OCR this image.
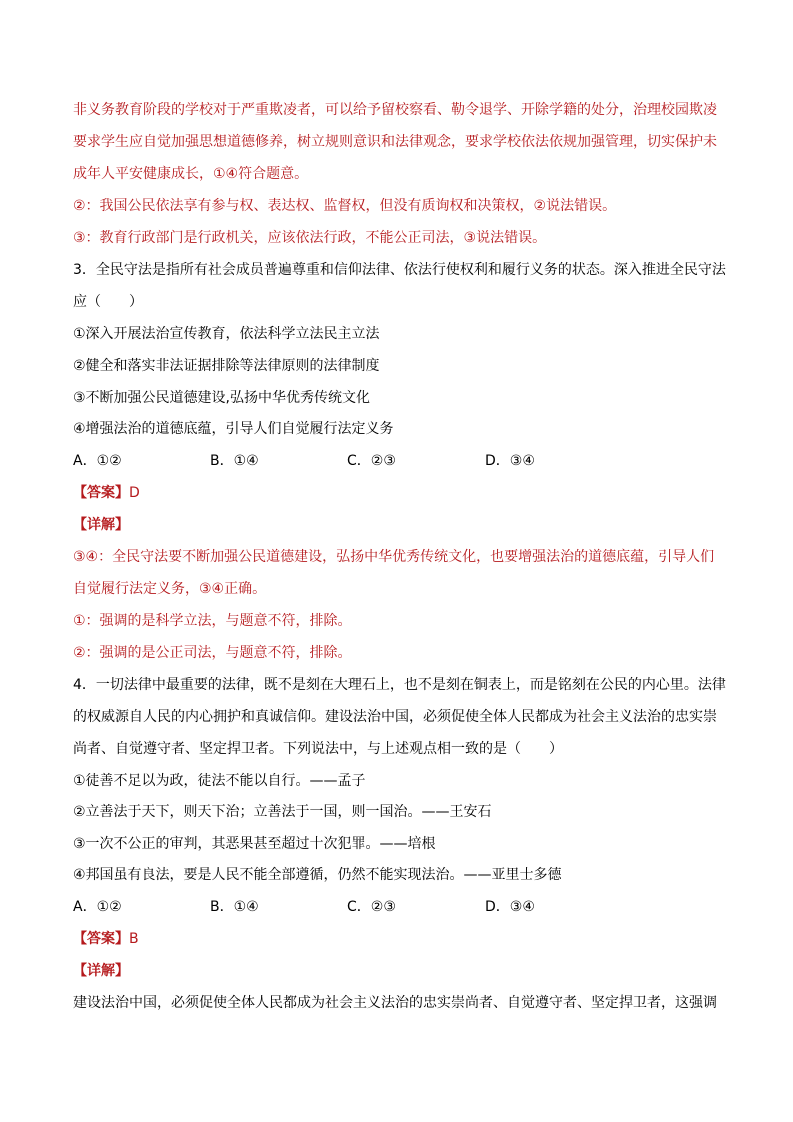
非义务教育阶段的学校对于严重欺凌者，可以给予留校察看、勒令退学、开除学籍的处分，治理校园欺凌
要求学生应自觉加强思想道德修养，树立规则意识和法律观念，要求学校依法依规加强管理，切实保护未
成年人平安健康成长，①④符合题意。
②：我国公民依法享有参与权、表达权、监督权，但没有质询权和决策权，②说法错误。
③：教育行政部门是行政机关，应该依法行政，不能公正司法，③说法错误。
3．全民守法是指所有社会成员普遍尊重和信仰法律、依法行使权利和履行义务的状态。深入推进全民守法
应（　　）
①深入开展法治宣传教育，依法科学立法民主立法
②健全和落实非法证据排除等法律原则的法律制度
③不断加强公民道德建设,弘扬中华优秀传统文化
④增强法治的道德底蕴，引导人们自觉履行法定义务
A．①②	B．①④	C．②③	D．③④
【答案】D
【详解】
③④：全民守法要不断加强公民道德建设，弘扬中华优秀传统文化，也要增强法治的道德底蕴，引导人们
自觉履行法定义务，③④正确。
①：强调的是科学立法，与题意不符，排除。
②：强调的是公正司法，与题意不符，排除。
4．一切法律中最重要的法律，既不是刻在大理石上，也不是刻在铜表上，而是铭刻在公民的内心里。法律
的权威源自人民的内心拥护和真诚信仰。建设法治中国，必须促使全体人民都成为社会主义法治的忠实崇
尚者、自觉遵守者、坚定捍卫者。下列说法中，与上述观点相一致的是（　　）
①徒善不足以为政，徒法不能以自行。——孟子
②立善法于天下，则天下治；立善法于一国，则一国治。——王安石
③一次不公正的审判，其恶果甚至超过十次犯罪。——培根
④邦国虽有良法，要是人民不能全部遵循，仍然不能实现法治。——亚里士多德
A．①②	B．①④	C．②③	D．③④
【答案】B
【详解】
建设法治中国，必须促使全体人民都成为社会主义法治的忠实崇尚者、自觉遵守者、坚定捍卫者，这强调
